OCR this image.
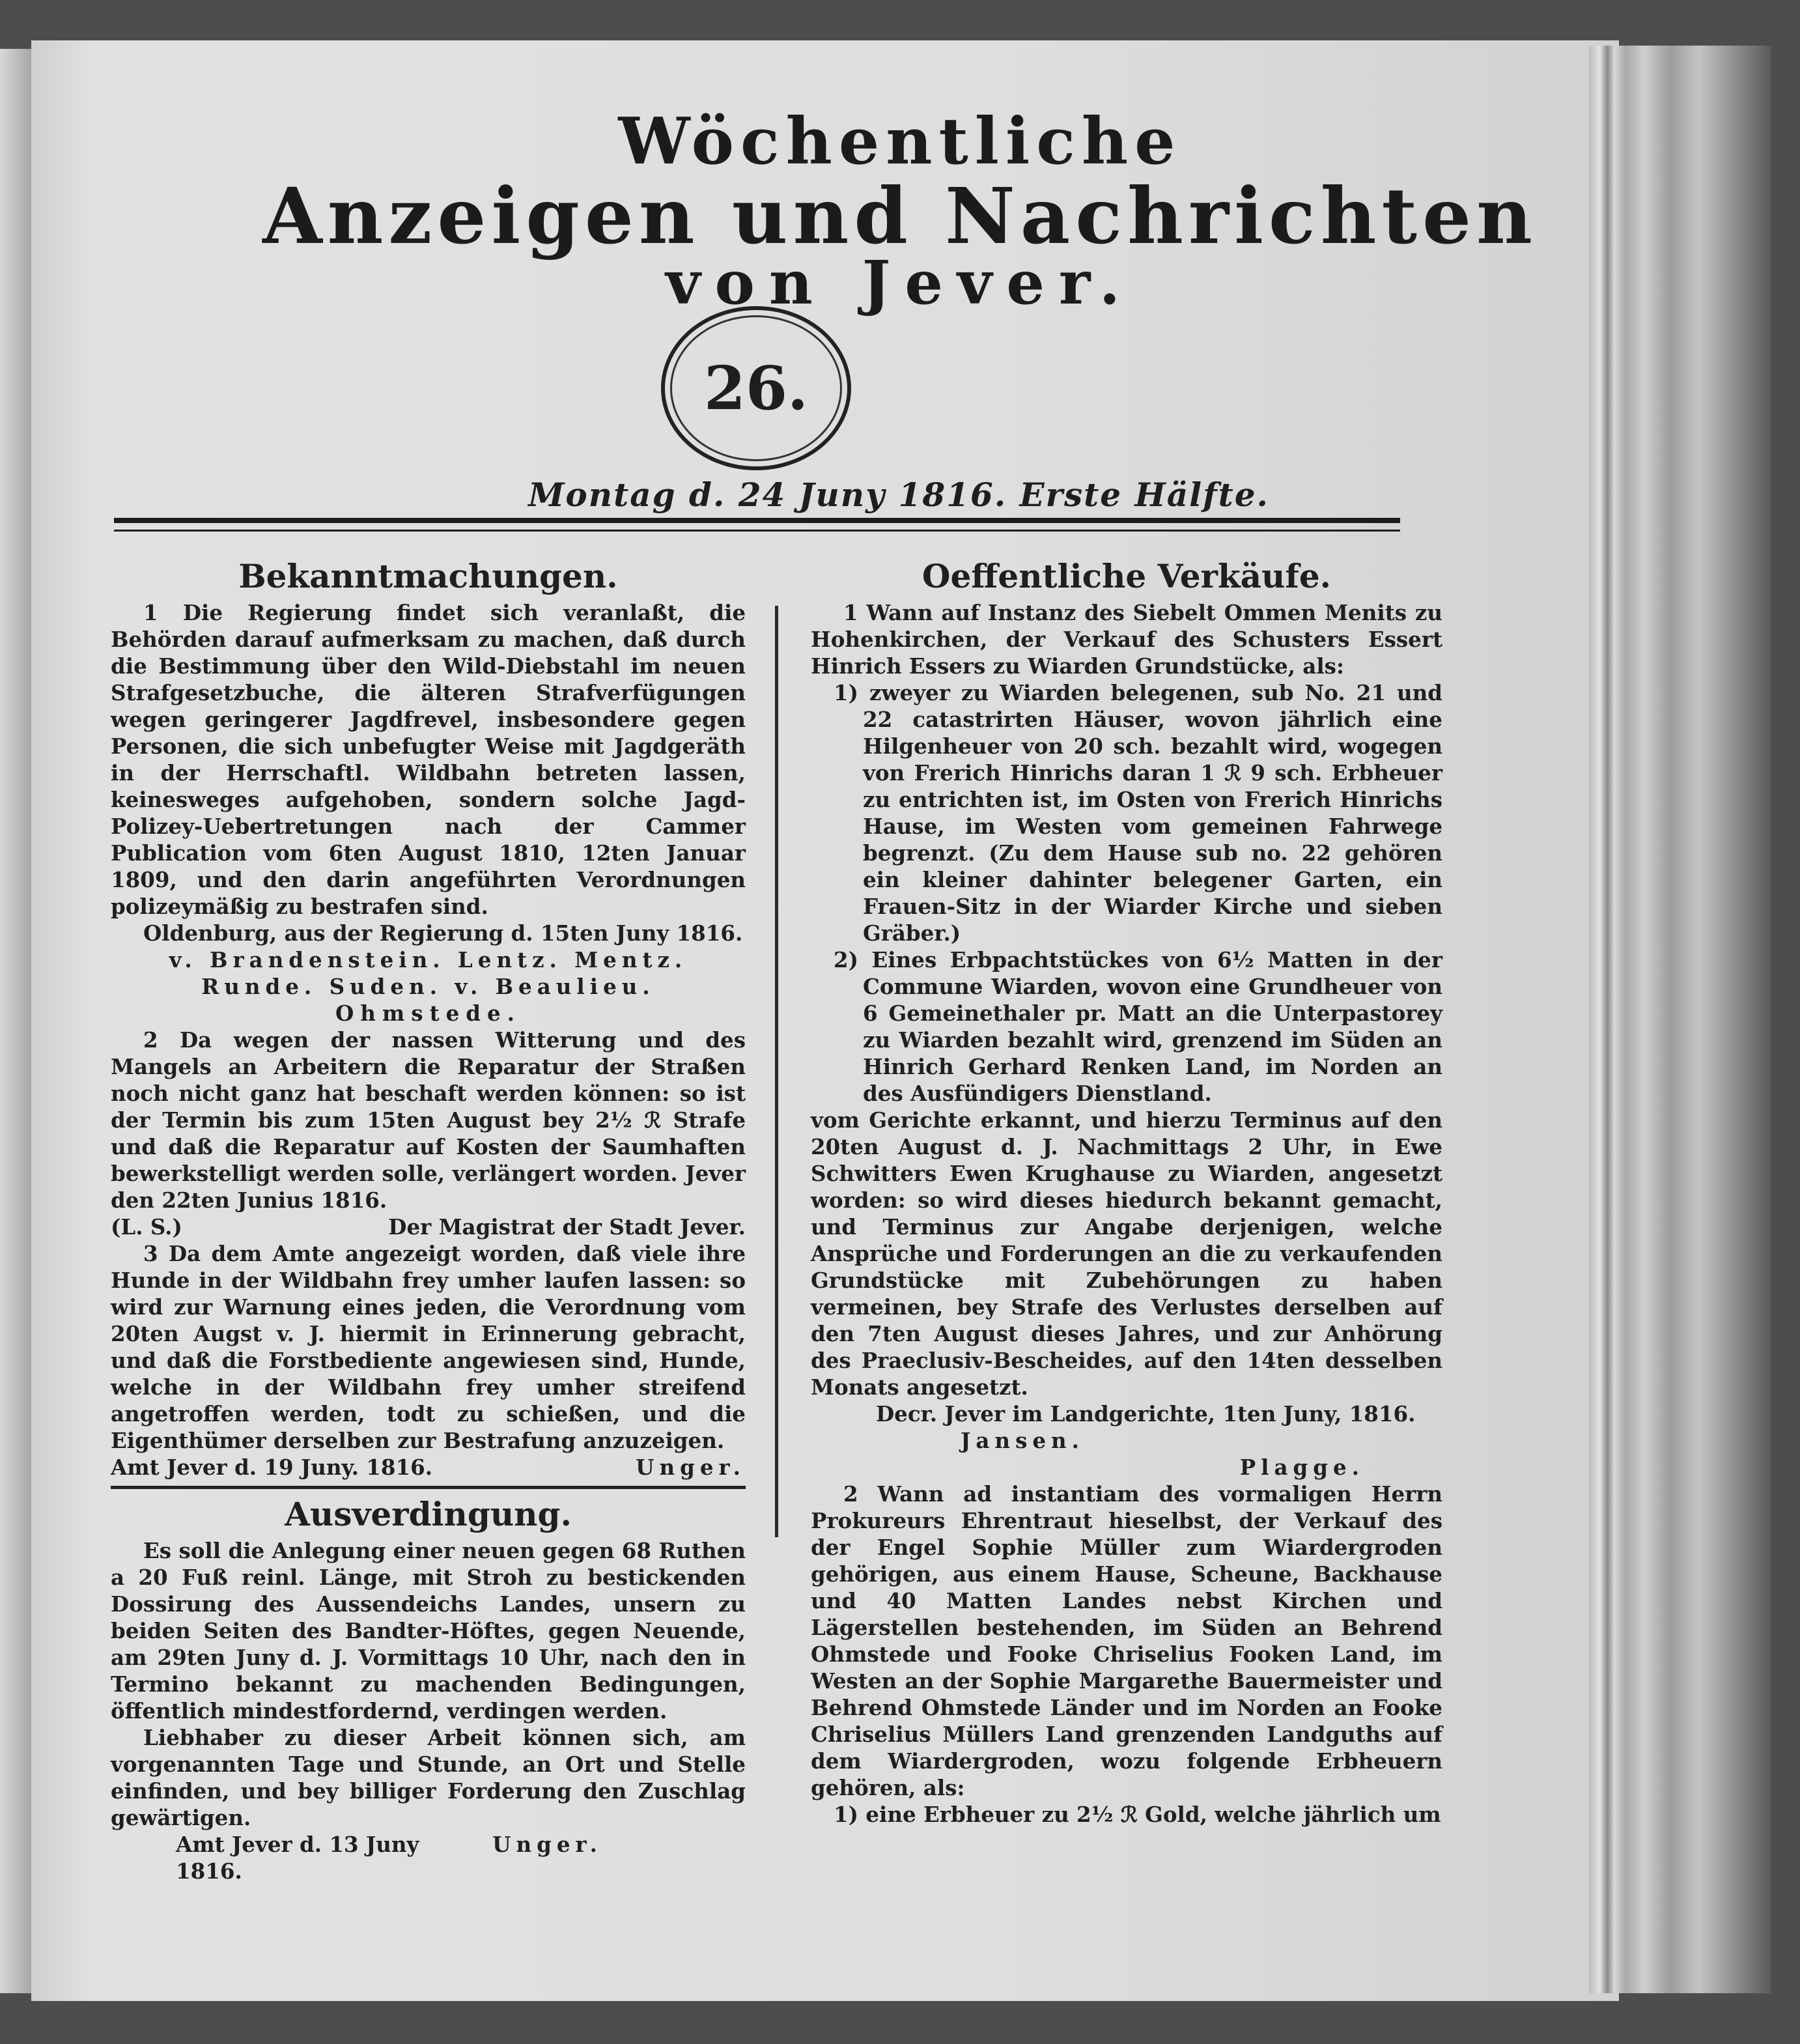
Wöchentliche
Anzeigen und Nachrichten
von Jever.
26.
Montag d. 24 Juny 1816. Erste Hälfte.
Bekanntmachungen.

1 Die Regierung findet sich veranlaßt, die Behörden darauf aufmerksam zu machen, daß durch die Bestimmung über den Wild-Diebstahl im neuen Strafgesetzbuche, die älteren Strafverfügungen wegen geringerer Jagdfrevel, insbesondere gegen Personen, die sich unbefugter Weise mit Jagdgeräth in der Herrschaftl. Wildbahn betreten lassen, keinesweges aufgehoben, sondern solche Jagd-Polizey-Uebertretungen nach der Cammer Publication vom 6ten August 1810, 12ten Januar 1809, und den darin angeführten Verordnungen polizeymäßig zu bestrafen sind.

Oldenburg, aus der Regierung d. 15ten Juny 1816.

v. Brandenstein. Lentz. Mentz.

Runde. Suden. v. Beaulieu.

Ohmstede.

2 Da wegen der nassen Witterung und des Mangels an Arbeitern die Reparatur der Straßen noch nicht ganz hat beschaft werden können: so ist der Termin bis zum 15ten August bey 2½ ℛ Strafe und daß die Reparatur auf Kosten der Saumhaften bewerkstelligt werden solle, verlängert worden. Jever den 22ten Junius 1816.

(L. S.)	Der Magistrat der Stadt Jever.

3 Da dem Amte angezeigt worden, daß viele ihre Hunde in der Wildbahn frey umher laufen lassen: so wird zur Warnung eines jeden, die Verordnung vom 20ten Augst v. J. hiermit in Erinnerung gebracht, und daß die Forstbediente angewiesen sind, Hunde, welche in der Wildbahn frey umher streifend angetroffen werden, todt zu schießen, und die Eigenthümer derselben zur Bestrafung anzuzeigen.

Amt Jever d. 19 Juny. 1816.	Unger.
Ausverdingung.

Es soll die Anlegung einer neuen gegen 68 Ruthen a 20 Fuß reinl. Länge, mit Stroh zu bestickenden Dossirung des Aussendeichs Landes, unsern zu beiden Seiten des Bandter-Höftes, gegen Neuende, am 29ten Juny d. J. Vormittags 10 Uhr, nach den in Termino bekannt zu machenden Bedingungen, öffentlich mindestfordernd, verdingen werden.

Liebhaber zu dieser Arbeit können sich, am vorgenannten Tage und Stunde, an Ort und Stelle einfinden, und bey billiger Forderung den Zuschlag gewärtigen.

Amt Jever d. 13 Juny 1816.
Unger.
Oeffentliche Verkäufe.

1 Wann auf Instanz des Siebelt Ommen Menits zu Hohenkirchen, der Verkauf des Schusters Essert Hinrich Essers zu Wiarden Grundstücke, als:

1) zweyer zu Wiarden belegenen, sub No. 21 und 22 catastrirten Häuser, wovon jährlich eine Hilgenheuer von 20 sch. bezahlt wird, wogegen von Frerich Hinrichs daran 1 ℛ 9 sch. Erbheuer zu entrichten ist, im Osten von Frerich Hinrichs Hause, im Westen vom gemeinen Fahrwege begrenzt. (Zu dem Hause sub no. 22 gehören ein kleiner dahinter belegener Garten, ein Frauen-Sitz in der Wiarder Kirche und sieben Gräber.)

2) Eines Erbpachtstückes von 6½ Matten in der Commune Wiarden, wovon eine Grundheuer von 6 Gemeinethaler pr. Matt an die Unterpastorey zu Wiarden bezahlt wird, grenzend im Süden an Hinrich Gerhard Renken Land, im Norden an des Ausfündigers Dienstland.

vom Gerichte erkannt, und hierzu Terminus auf den 20ten August d. J. Nachmittags 2 Uhr, in Ewe Schwitters Ewen Krughause zu Wiarden, angesetzt worden: so wird dieses hiedurch bekannt gemacht, und Terminus zur Angabe derjenigen, welche Ansprüche und Forderungen an die zu verkaufenden Grundstücke mit Zubehörungen zu haben vermeinen, bey Strafe des Verlustes derselben auf den 7ten August dieses Jahres, und zur Anhörung des Praeclusiv-Bescheides, auf den 14ten desselben Monats angesetzt.

Decr. Jever im Landgerichte, 1ten Juny, 1816.

Jansen.

Plagge.

2 Wann ad instantiam des vormaligen Herrn Prokureurs Ehrentraut hieselbst, der Verkauf des der Engel Sophie Müller zum Wiardergroden gehörigen, aus einem Hause, Scheune, Backhause und 40 Matten Landes nebst Kirchen und Lägerstellen bestehenden, im Süden an Behrend Ohmstede und Fooke Chriselius Fooken Land, im Westen an der Sophie Margarethe Bauermeister und Behrend Ohmstede Länder und im Norden an Fooke Chriselius Müllers Land grenzenden Landguths auf dem Wiardergroden, wozu folgende Erbheuern gehören, als:

1) eine Erbheuer zu 2½ ℛ Gold, welche jährlich um
